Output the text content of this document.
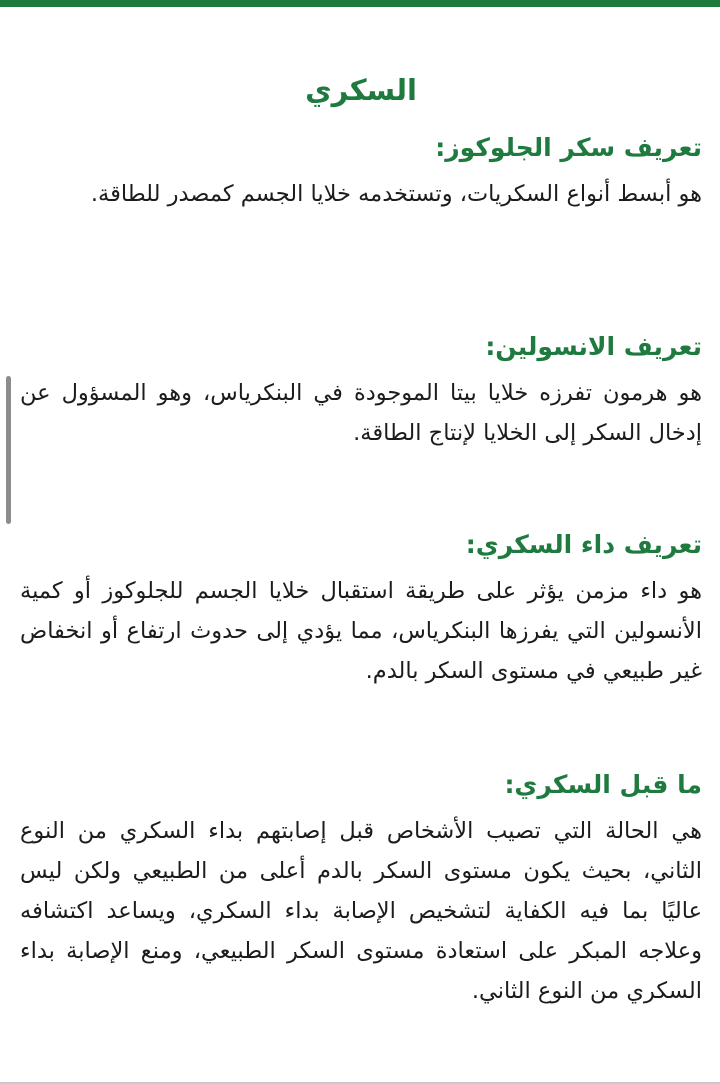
السكري
تعريف سكر الجلوكوز:

هو أبسط أنواع السكريات، وتستخدمه خلايا الجسم كمصدر للطاقة.

تعريف الانسولين:

هو هرمون تفرزه خلايا بيتا الموجودة في البنكرياس، وهو المسؤول عن إدخال السكر إلى الخلايا لإنتاج الطاقة.

تعريف داء السكري:

هو داء مزمن يؤثر على طريقة استقبال خلايا الجسم للجلوكوز أو كمية الأنسولين التي يفرزها البنكرياس، مما يؤدي إلى حدوث ارتفاع أو انخفاض غير طبيعي في مستوى السكر بالدم.

ما قبل السكري:

هي الحالة التي تصيب الأشخاص قبل إصابتهم بداء السكري من النوع الثاني، بحيث يكون مستوى السكر بالدم أعلى من الطبيعي ولكن ليس عاليًا بما فيه الكفاية لتشخيص الإصابة بداء السكري، ويساعد اكتشافه وعلاجه المبكر على استعادة مستوى السكر الطبيعي، ومنع الإصابة بداء السكري من النوع الثاني.
